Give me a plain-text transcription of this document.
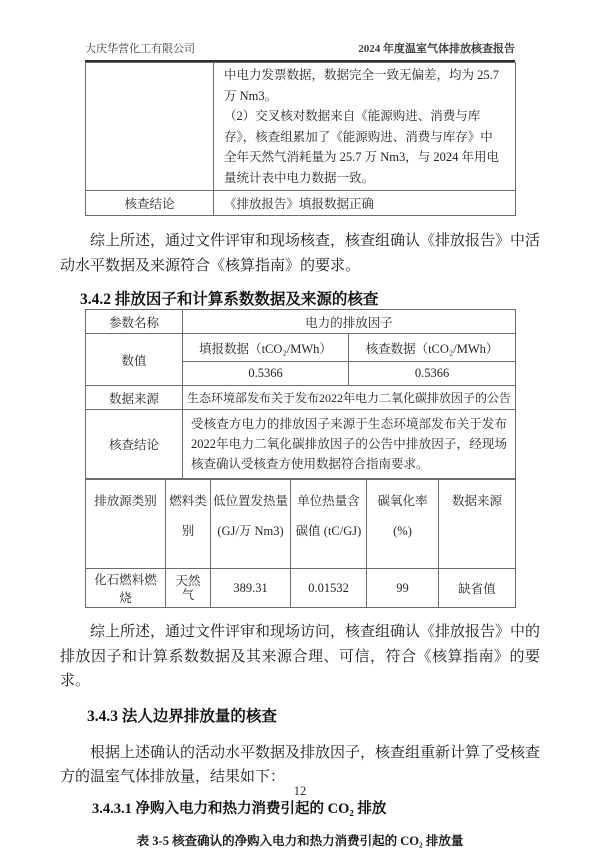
大庆华营化工有限公司	2024 年度温室气体排放核查报告

	中电力发票数据，数据完全一致无偏差，均为 25.7 万 Nm3。

（2）交叉核对数据来自《能源购进、消费与库存》，核查组累加了《能源购进、消费与库存》中全年天然气消耗量为 25.7 万 Nm3，与 2024 年用电量统计表中电力数据一致。

核查结论	《排放报告》填报数据正确

综上所述，通过文件评审和现场核查，核查组确认《排放报告》中活动水平数据及来源符合《核算指南》的要求。

3.4.2 排放因子和计算系数数据及来源的核查
参数名称	电力的排放因子	
数值	填报数据（tCO₂/MWh）	核查数据（tCO₂/MWh）
	0.5366	0.5366
数据来源	生态环境部发布关于发布2022年电力二氧化碳排放因子的公告	
核查结论	受核查方电力的排放因子来源于生态环境部发布关于发布2022年电力二氧化碳排放因子的公告中排放因子，经现场核查确认受核查方使用数据符合指南要求。	
排放源类别	燃料类别	低位置发热量 (GJ/万 Nm3)	单位热量含碳值 (tC/GJ)	碳氧化率 (%)	数据来源
化石燃料燃烧	天然气	389.31	0.01532	99	缺省值

综上所述，通过文件评审和现场访问，核查组确认《排放报告》中的排放因子和计算系数数据及其来源合理、可信，符合《核算指南》的要求。

3.4.3 法人边界排放量的核查

根据上述确认的活动水平数据及排放因子，核查组重新计算了受核查方的温室气体排放量，结果如下：

3.4.3.1 净购入电力和热力消费引起的 CO₂ 排放
表 3-5 核查确认的净购入电力和热力消费引起的 CO₂ 排放量
12
